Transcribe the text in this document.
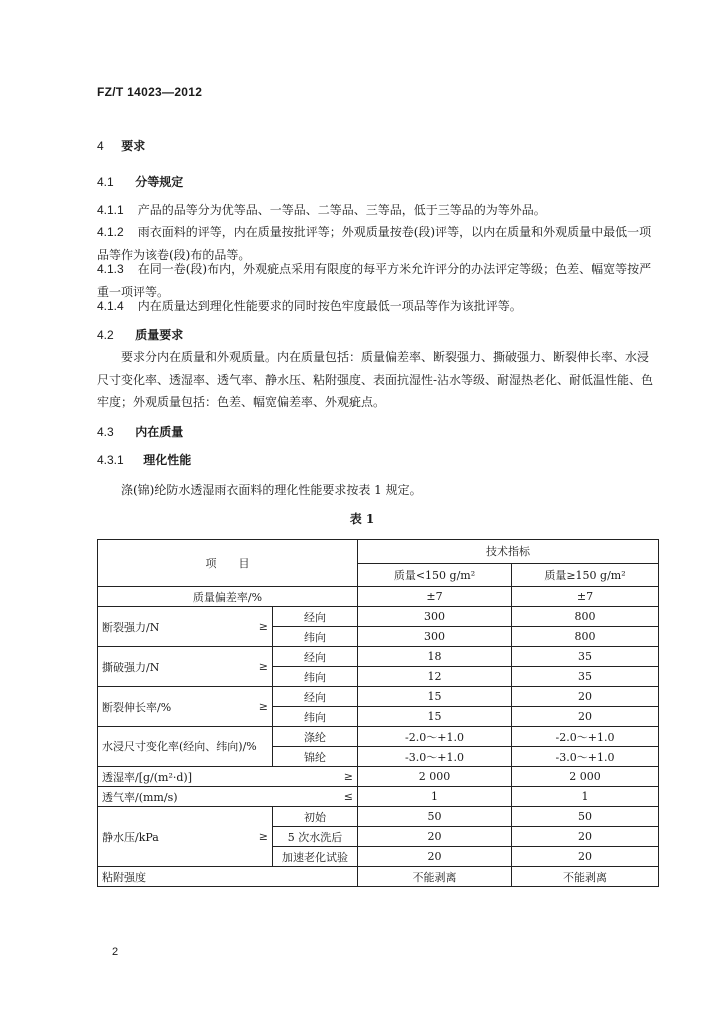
FZ/T 14023—2012
4 要求
4.1 分等规定

4.1.1 产品的品等分为优等品、一等品、二等品、三等品，低于三等品的为等外品。

4.1.2 雨衣面料的评等，内在质量按批评等；外观质量按卷(段)评等，以内在质量和外观质量中最低一项品等作为该卷(段)布的品等。

4.1.3 在同一卷(段)布内，外观疵点采用有限度的每平方米允许评分的办法评定等级；色差、幅宽等按严重一项评等。

4.1.4 内在质量达到理化性能要求的同时按色牢度最低一项品等作为该批评等。

4.2 质量要求

要求分内在质量和外观质量。内在质量包括：质量偏差率、断裂强力、撕破强力、断裂伸长率、水浸尺寸变化率、透湿率、透气率、静水压、粘附强度、表面抗湿性-沾水等级、耐湿热老化、耐低温性能、色牢度；外观质量包括：色差、幅宽偏差率、外观疵点。

4.3 内在质量
4.3.1 理化性能

涤(锦)纶防水透湿雨衣面料的理化性能要求按表 1 规定。

表 1
项　　目		技术指标	
		质量<150 g/m²	质量≥150 g/m²
质量偏差率/%		±7	±7

断裂强力/N ≥	经向	300	800
	纬向	300	800

撕破强力/N ≥	经向	18	35
	纬向	12	35

断裂伸长率/% ≥	经向	15	20
	纬向	15	20
水浸尺寸变化率(经向、纬向)/%	涤纶	-2.0～+1.0	-2.0～+1.0
	锦纶	-3.0～+1.0	-3.0～+1.0

透湿率/[g/(m²·d)] ≥		2 000	2 000

透气率/(mm/s) ≤		1	1

静水压/kPa ≥	初始	50	50
	5 次水洗后	20	20
	加速老化试验	20	20
粘附强度		不能剥离	不能剥离
2
